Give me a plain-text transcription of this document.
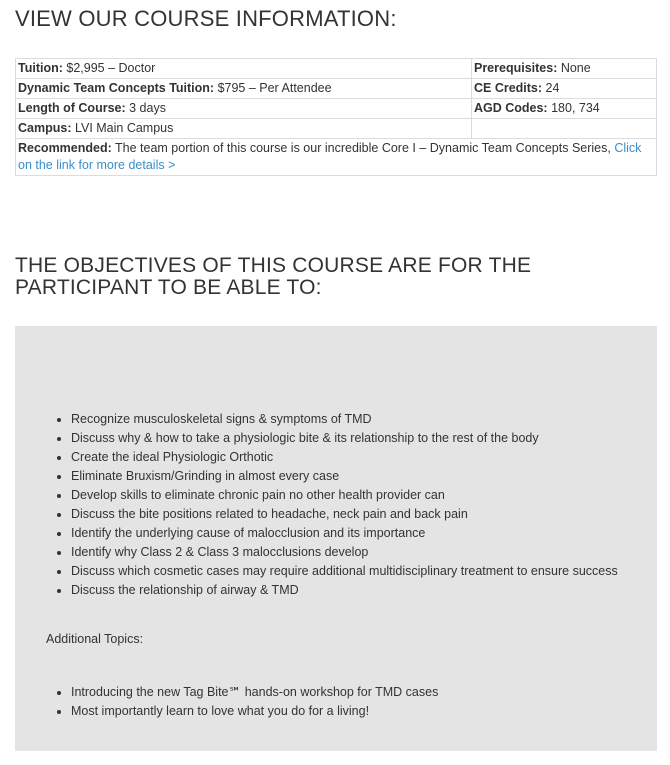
VIEW OUR COURSE INFORMATION:
Tuition: $2,995 – Doctor	Prerequisites: None
Dynamic Team Concepts Tuition: $795 – Per Attendee	CE Credits: 24
Length of Course: 3 days	AGD Codes: 180, 734
Campus: LVI Main Campus	
Recommended: The team portion of this course is our incredible Core I – Dynamic Team Concepts Series, Click on the link for more details >	
THE OBJECTIVES OF THIS COURSE ARE FOR THE PARTICIPANT TO BE ABLE TO:
• Recognize musculoskeletal signs & symptoms of TMD
• Discuss why & how to take a physiologic bite & its relationship to the rest of the body
• Create the ideal Physiologic Orthotic
• Eliminate Bruxism/Grinding in almost every case
• Develop skills to eliminate chronic pain no other health provider can
• Discuss the bite positions related to headache, neck pain and back pain
• Identify the underlying cause of malocclusion and its importance
• Identify why Class 2 & Class 3 malocclusions develop
• Discuss which cosmetic cases may require additional multidisciplinary treatment to ensure success
• Discuss the relationship of airway & TMD

Additional Topics:

• Introducing the new Tag Bite℠ hands-on workshop for TMD cases
• Most importantly learn to love what you do for a living!
